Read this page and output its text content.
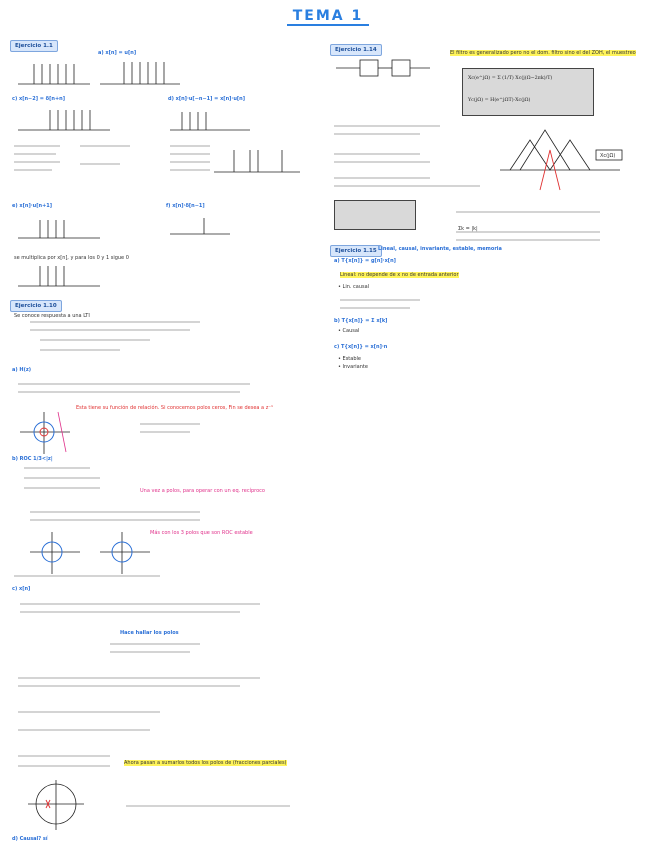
TEMA 1
Ejercicio 1.1
Ejercicio 1.10
Ejercicio 1.14
Ejercicio 1.15
a) x[n] = u[n]
c) x[n−2] = δ[n+n]	d) x[n]·u[−n−1] = x[n]·u[n]
e) x[n]·u[n+1]	f) x[n]·δ[n−1]
se multiplica por x[n], y para los 0 y 1 sigue 0
Se conoce respuesta a una LTI
a) H(z)
b) ROC 1/3<|z|
c) x[n]
d) Causal? sí
Esta tiene su función de relación. Si conocemos polos ceros, Fin se desea a z⁻¹
Una vez a polos, para operar con un eq. recíproco
Más con los 3 polos que son ROC estable
Ahora pasan a sumarlos todos los polos de (fracciones parciales)
Hace hallar los polos
El filtro es generalizado pero no el dom. filtro sino el del ZOH, el muestreo
Xc(e^jΩ) = Σ (1/T) Xc(j(Ω−2πk)/T)
Yc(jΩ) = H(e^jΩT)·Xc(jΩ)
Xc(jΩ)
Σk = |k|
Lineal, causal, invariante, estable, memoria
a) T{x[n]} = g[n]·x[n]
Lineal: no depende de x no de entrada anterior
b) T{x[n]} = Σ x[k]
c) T{x[n]} = x[n]·n
• Lin. causal
• Causal
• Estable
• Invariante
